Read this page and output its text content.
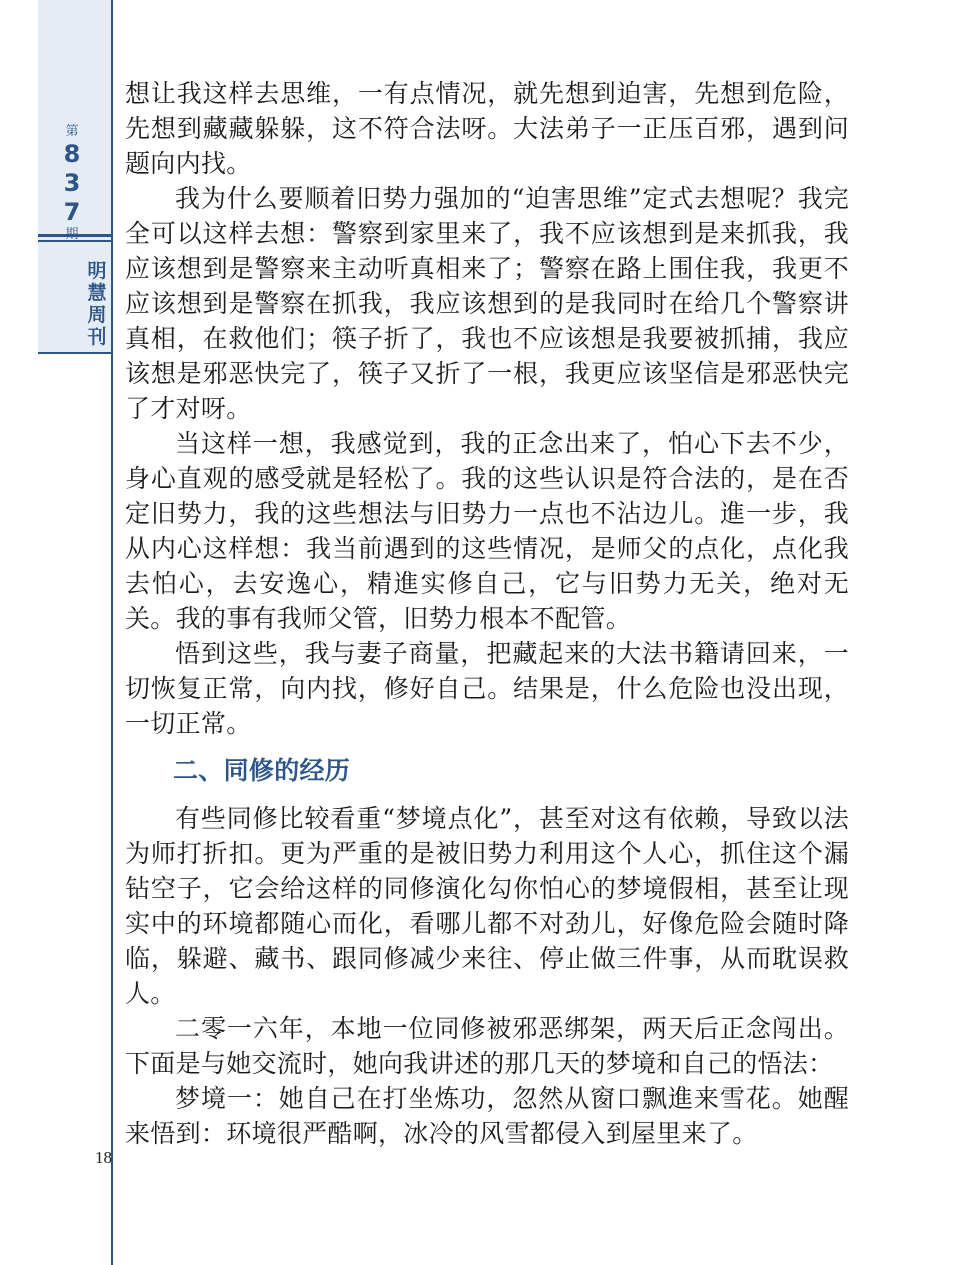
第
8
3
7
明
慧
周
刊
18

想让我这样去思维，一有点情况，就先想到迫害，先想到危险，先想到藏藏躲躲，这不符合法呀。大法弟子一正压百邪，遇到问题向内找。

我为什么要顺着旧势力强加的“迫害思维”定式去想呢？我完全可以这样去想：警察到家里来了，我不应该想到是来抓我，我应该想到是警察来主动听真相来了；警察在路上围住我，我更不应该想到是警察在抓我，我应该想到的是我同时在给几个警察讲真相，在救他们；筷子折了，我也不应该想是我要被抓捕，我应该想是邪恶快完了，筷子又折了一根，我更应该坚信是邪恶快完了才对呀。

当这样一想，我感觉到，我的正念出来了，怕心下去不少，身心直观的感受就是轻松了。我的这些认识是符合法的，是在否定旧势力，我的这些想法与旧势力一点也不沾边儿。進一步，我从内心这样想：我当前遇到的这些情况，是师父的点化，点化我去怕心，去安逸心，精進实修自己，它与旧势力无关，绝对无关。我的事有我师父管，旧势力根本不配管。

悟到这些，我与妻子商量，把藏起来的大法书籍请回来，一切恢复正常，向内找，修好自己。结果是，什么危险也没出现，一切正常。

二、同修的经历

有些同修比较看重“梦境点化”，甚至对这有依赖，导致以法为师打折扣。更为严重的是被旧势力利用这个人心，抓住这个漏钻空子，它会给这样的同修演化勾你怕心的梦境假相，甚至让现实中的环境都随心而化，看哪儿都不对劲儿，好像危险会随时降临，躲避、藏书、跟同修减少来往、停止做三件事，从而耽误救人。

二零一六年，本地一位同修被邪恶绑架，两天后正念闯出。下面是与她交流时，她向我讲述的那几天的梦境和自己的悟法：

梦境一：她自己在打坐炼功，忽然从窗口飘進来雪花。她醒来悟到：环境很严酷啊，冰冷的风雪都侵入到屋里来了。
